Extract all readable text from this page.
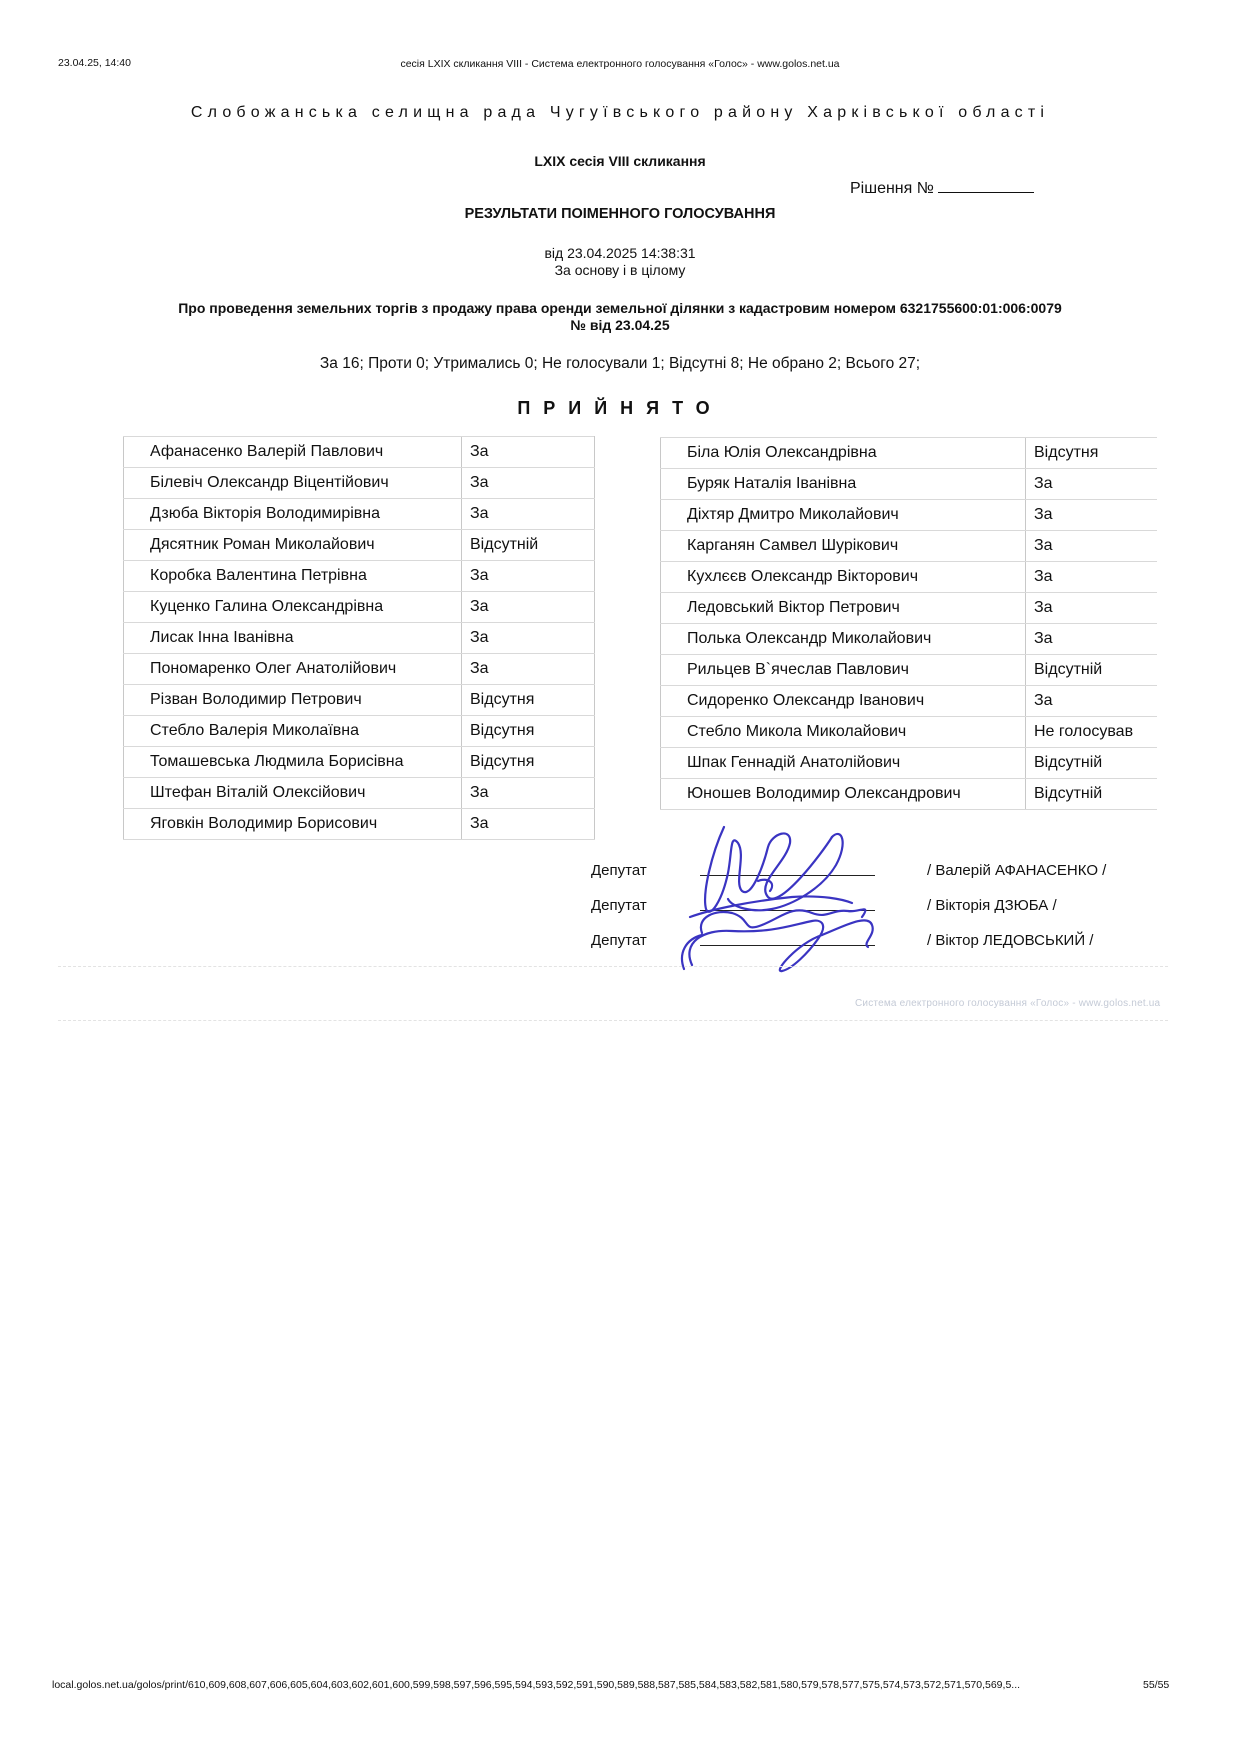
23.04.25, 14:40	сесія LXIX скликання VIII - Система електронного голосування «Голос» - www.golos.net.ua
Слобожанська селищна рада Чугуївського району Харківської області
LXIX сесія VIII скликання
Рішення №
РЕЗУЛЬТАТИ ПОІМЕННОГО ГОЛОСУВАННЯ
від 23.04.2025 14:38:31
За основу і в цілому
Про проведення земельних торгів з продажу права оренди земельної ділянки з кадастровим номером 6321755600:01:006:0079
№ від 23.04.25
За 16; Проти 0; Утримались 0; Не голосували 1; Відсутні 8; Не обрано 2; Всього 27;
ПРИЙНЯТО
Афанасенко Валерій Павлович	За
Білевіч Олександр Віцентійович	За
Дзюба Вікторія Володимирівна	За
Дясятник Роман Миколайович	Відсутній
Коробка Валентина Петрівна	За
Куценко Галина Олександрівна	За
Лисак Інна Іванівна	За
Пономаренко Олег Анатолійович	За
Різван Володимир Петрович	Відсутня
Стебло Валерія Миколаївна	Відсутня
Томашевська Людмила Борисівна	Відсутня
Штефан Віталій Олексійович	За
Яговкін Володимир Борисович	За
Біла Юлія Олександрівна	Відсутня
Буряк Наталія Іванівна	За
Діхтяр Дмитро Миколайович	За
Карганян Самвел Шурікович	За
Кухлєєв Олександр Вікторович	За
Ледовський Віктор Петрович	За
Полька Олександр Миколайович	За
Рильцев В`ячеслав Павлович	Відсутній
Сидоренко Олександр Іванович	За
Стебло Микола Миколайович	Не голосував
Шпак Геннадій Анатолійович	Відсутній
Юношев Володимир Олександрович	Відсутній
Депутат	/ Валерій АФАНАСЕНКО /
Депутат	/ Вікторія ДЗЮБА /
Депутат	/ Віктор ЛЕДОВСЬКИЙ /
Система електронного голосування «Голос» - www.golos.net.ua
local.golos.net.ua/golos/print/610,609,608,607,606,605,604,603,602,601,600,599,598,597,596,595,594,593,592,591,590,589,588,587,585,584,583,582,581,580,579,578,577,575,574,573,572,571,570,569,5...	55/55
